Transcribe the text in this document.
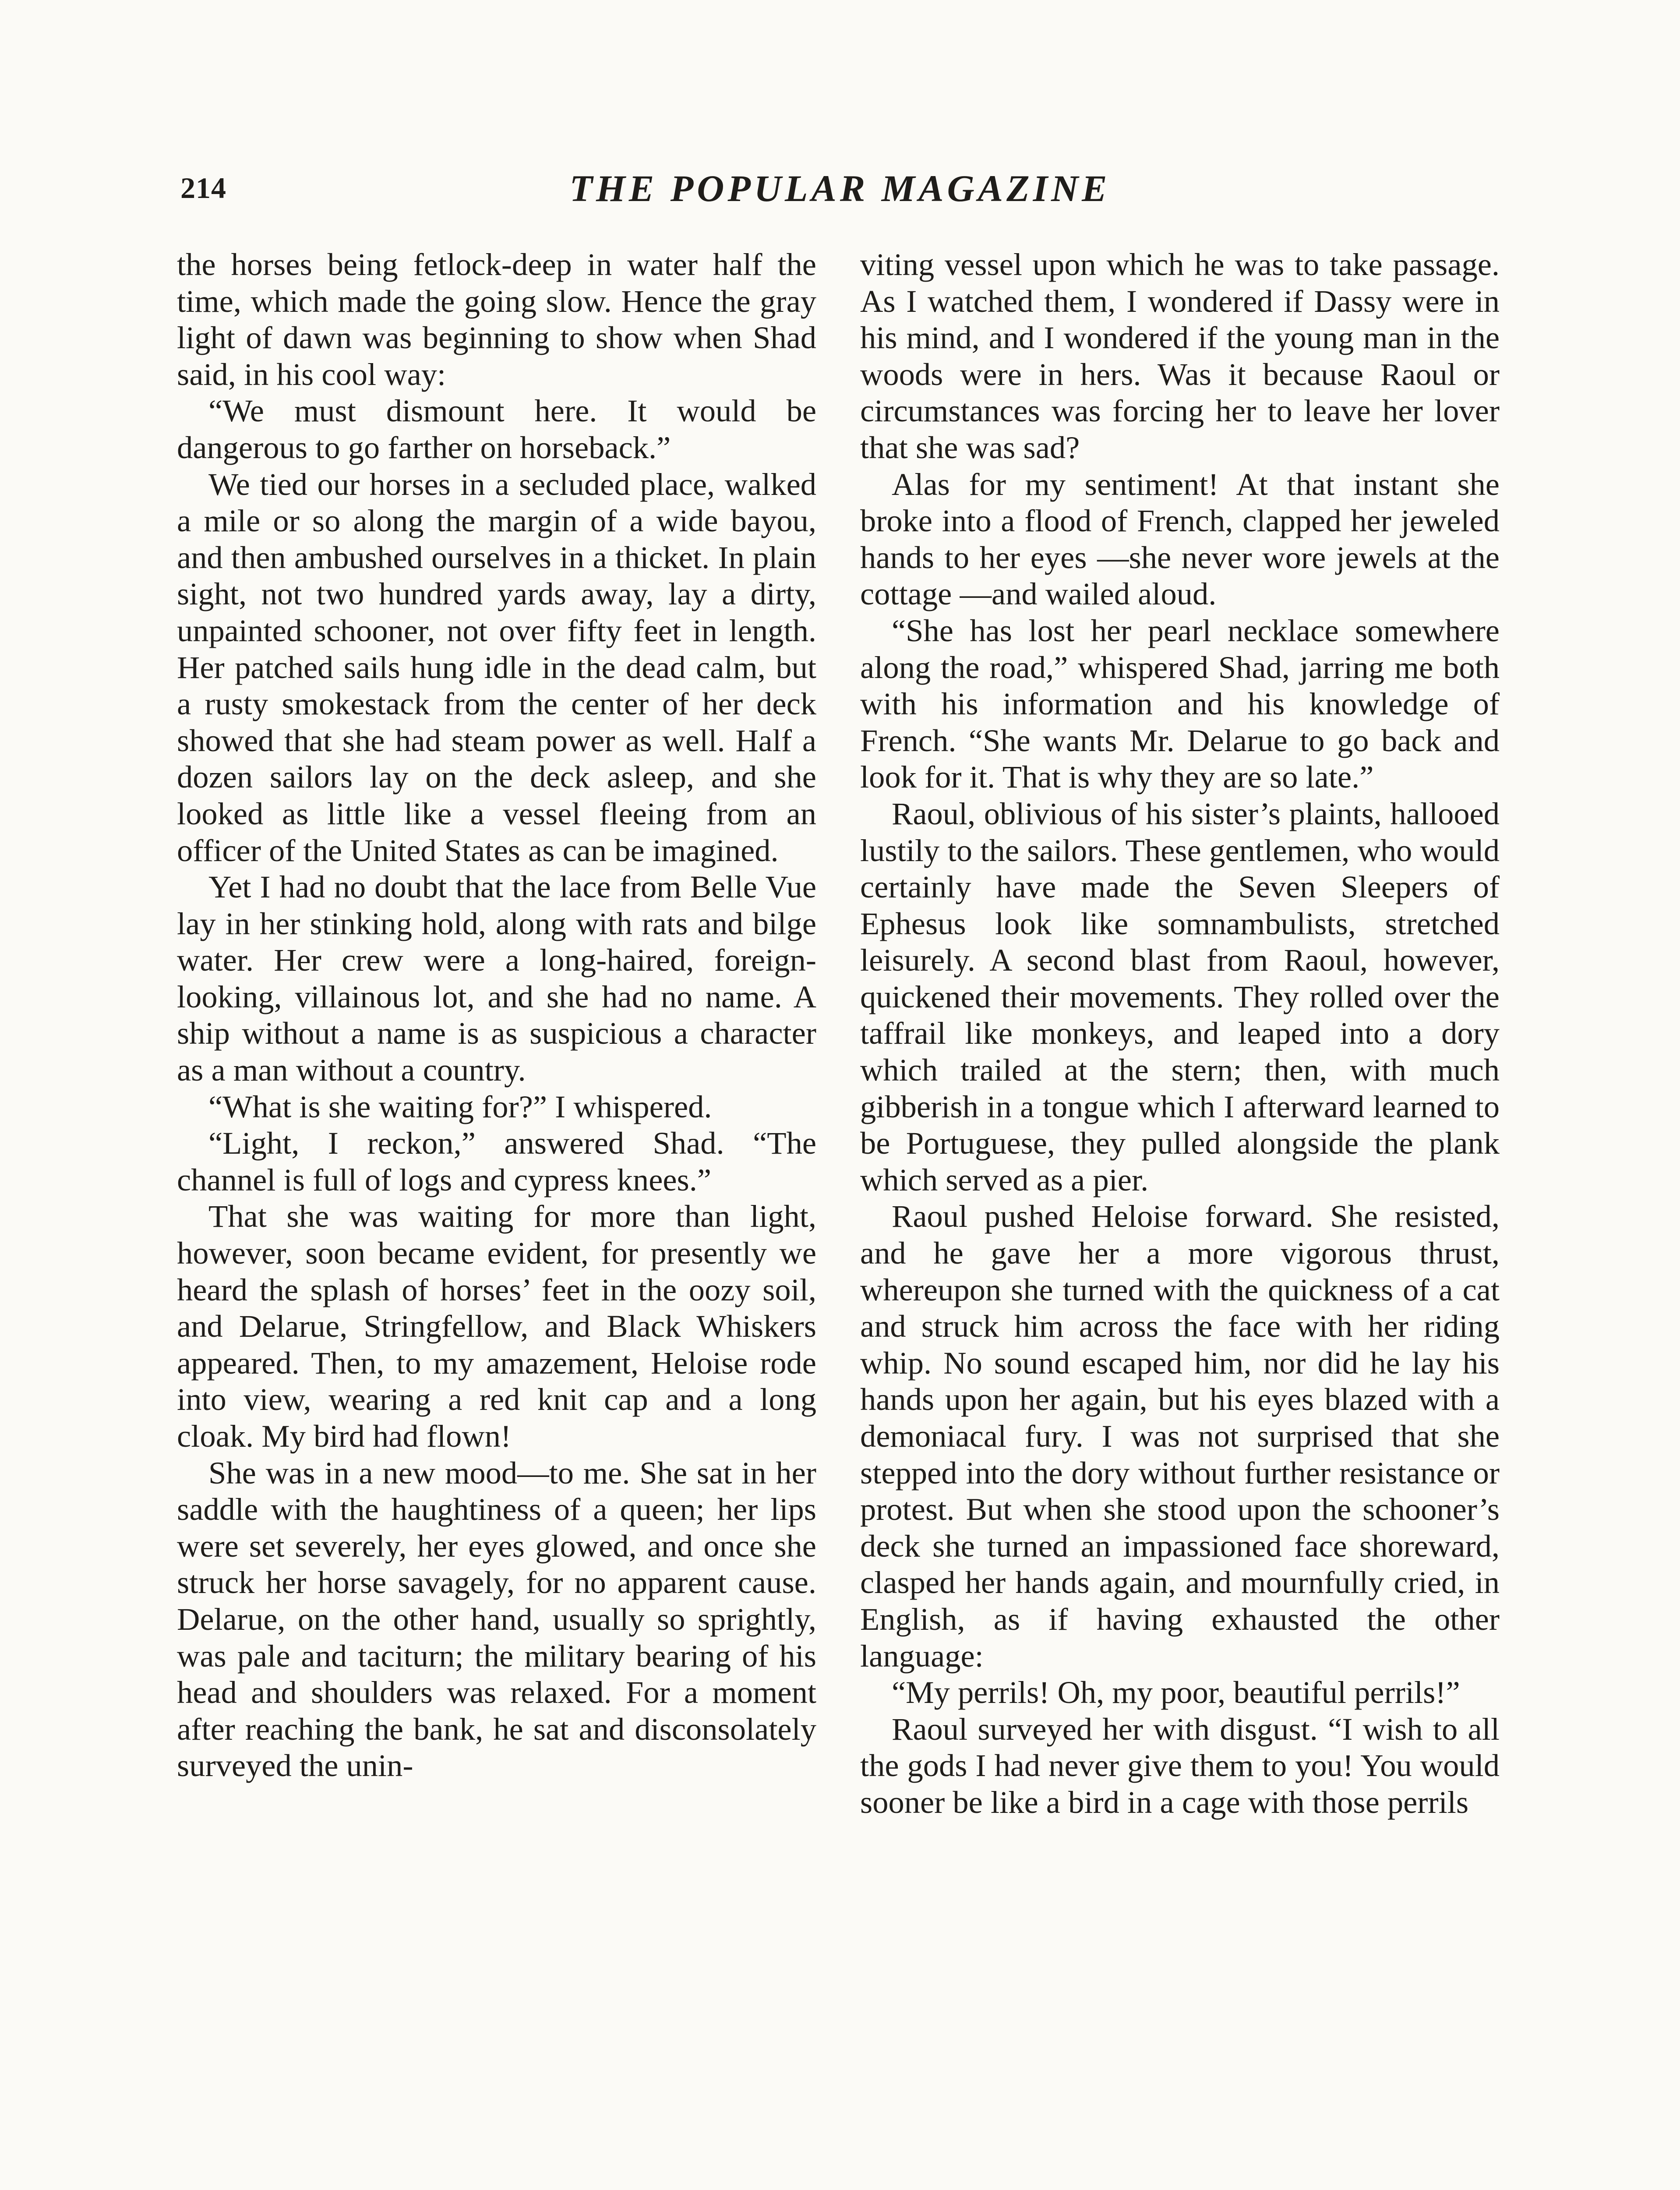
214	THE POPULAR MAGAZINE

the horses being fetlock-deep in water half the time, which made the going slow. Hence the gray light of dawn was beginning to show when Shad said, in his cool way:

“We must dismount here. It would be dangerous to go farther on horseback.”

We tied our horses in a secluded place, walked a mile or so along the margin of a wide bayou, and then ambushed ourselves in a thicket. In plain sight, not two hundred yards away, lay a dirty, unpainted schooner, not over fifty feet in length. Her patched sails hung idle in the dead calm, but a rusty smokestack from the center of her deck showed that she had steam power as well. Half a dozen sailors lay on the deck asleep, and she looked as little like a vessel fleeing from an officer of the United States as can be imagined.

Yet I had no doubt that the lace from Belle Vue lay in her stinking hold, along with rats and bilge water. Her crew were a long-haired, foreign-looking, villainous lot, and she had no name. A ship without a name is as suspicious a character as a man without a country.

“What is she waiting for?” I whispered.

“Light, I reckon,” answered Shad. “The channel is full of logs and cypress knees.”

That she was waiting for more than light, however, soon became evident, for presently we heard the splash of horses’ feet in the oozy soil, and Delarue, Stringfellow, and Black Whiskers appeared. Then, to my amazement, Heloise rode into view, wearing a red knit cap and a long cloak. My bird had flown!

She was in a new mood—to me. She sat in her saddle with the haughtiness of a queen; her lips were set severely, her eyes glowed, and once she struck her horse savagely, for no apparent cause. Delarue, on the other hand, usually so sprightly, was pale and taciturn; the military bearing of his head and shoulders was relaxed. For a moment after reaching the bank, he sat and disconsolately surveyed the unin-

viting vessel upon which he was to take passage. As I watched them, I wondered if Dassy were in his mind, and I wondered if the young man in the woods were in hers. Was it because Raoul or circumstances was forcing her to leave her lover that she was sad?

Alas for my sentiment! At that instant she broke into a flood of French, clapped her jeweled hands to her eyes —she never wore jewels at the cottage —and wailed aloud.

“She has lost her pearl necklace somewhere along the road,” whispered Shad, jarring me both with his information and his knowledge of French. “She wants Mr. Delarue to go back and look for it. That is why they are so late.”

Raoul, oblivious of his sister’s plaints, hallooed lustily to the sailors. These gentlemen, who would certainly have made the Seven Sleepers of Ephesus look like somnambulists, stretched leisurely. A second blast from Raoul, however, quickened their movements. They rolled over the taffrail like monkeys, and leaped into a dory which trailed at the stern; then, with much gibberish in a tongue which I afterward learned to be Portuguese, they pulled alongside the plank which served as a pier.

Raoul pushed Heloise forward. She resisted, and he gave her a more vigorous thrust, whereupon she turned with the quickness of a cat and struck him across the face with her riding whip. No sound escaped him, nor did he lay his hands upon her again, but his eyes blazed with a demoniacal fury. I was not surprised that she stepped into the dory without further resistance or protest. But when she stood upon the schooner’s deck she turned an impassioned face shoreward, clasped her hands again, and mournfully cried, in English, as if having exhausted the other language:

“My perrils! Oh, my poor, beautiful perrils!”

Raoul surveyed her with disgust. “I wish to all the gods I had never give them to you! You would sooner be like a bird in a cage with those perrils
